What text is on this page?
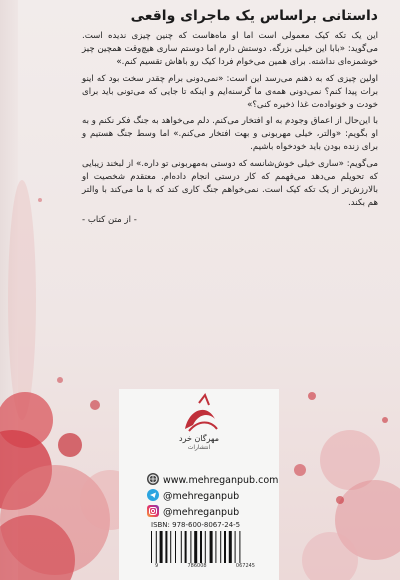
داستانی براساس یک ماجرای واقعی

این یک تکه کیک معمولی است اما او ماه‌هاست که چنین چیزی ندیده است. می‌گوید: «بابا این خیلی بزرگه. دوستش دارم اما دوستم ساری هیچ‌وقت همچین چیز خوشمزه‌ای نداشته. برای همین می‌خوام فردا کیک رو باهاش تقسیم کنم.»

اولین چیزی که به ذهنم می‌رسد این است: «نمی‌دونی برام چقدر سخت بود که اینو برات پیدا کنم؟ نمی‌دونی همه‌ی ما گرسنه‌ایم و اینکه تا جایی که می‌تونی باید برای خودت و خونواده‌ت غذا ذخیره کنی؟»

با این‌حال از اعماق وجودم به او افتخار می‌کنم. دلم می‌خواهد به جنگ فکر نکنم و به او بگویم: «والتر، خیلی مهربونی و بهت افتخار می‌کنم.» اما وسط جنگ هستیم و برای زنده بودن باید خودخواه باشیم.

می‌گویم: «ساری خیلی خوش‌شانسه که دوستی به‌مهربونی تو داره.» از لبخند زیبایی که تحویلم می‌دهد می‌فهمم که کار درستی انجام داده‌ام. معتقدم شخصیت او بالارزش‌تر از یک تکه کیک است. نمی‌خواهم جنگ کاری کند که با ما می‌کند با والتر هم بکند.

- از متن کتاب -

مهرگان خرد
انتشارات
www.mehreganpub.com
@mehreganpub
@mehreganpub
ISBN: 978-600-8067-24-5
9	786008	067245
